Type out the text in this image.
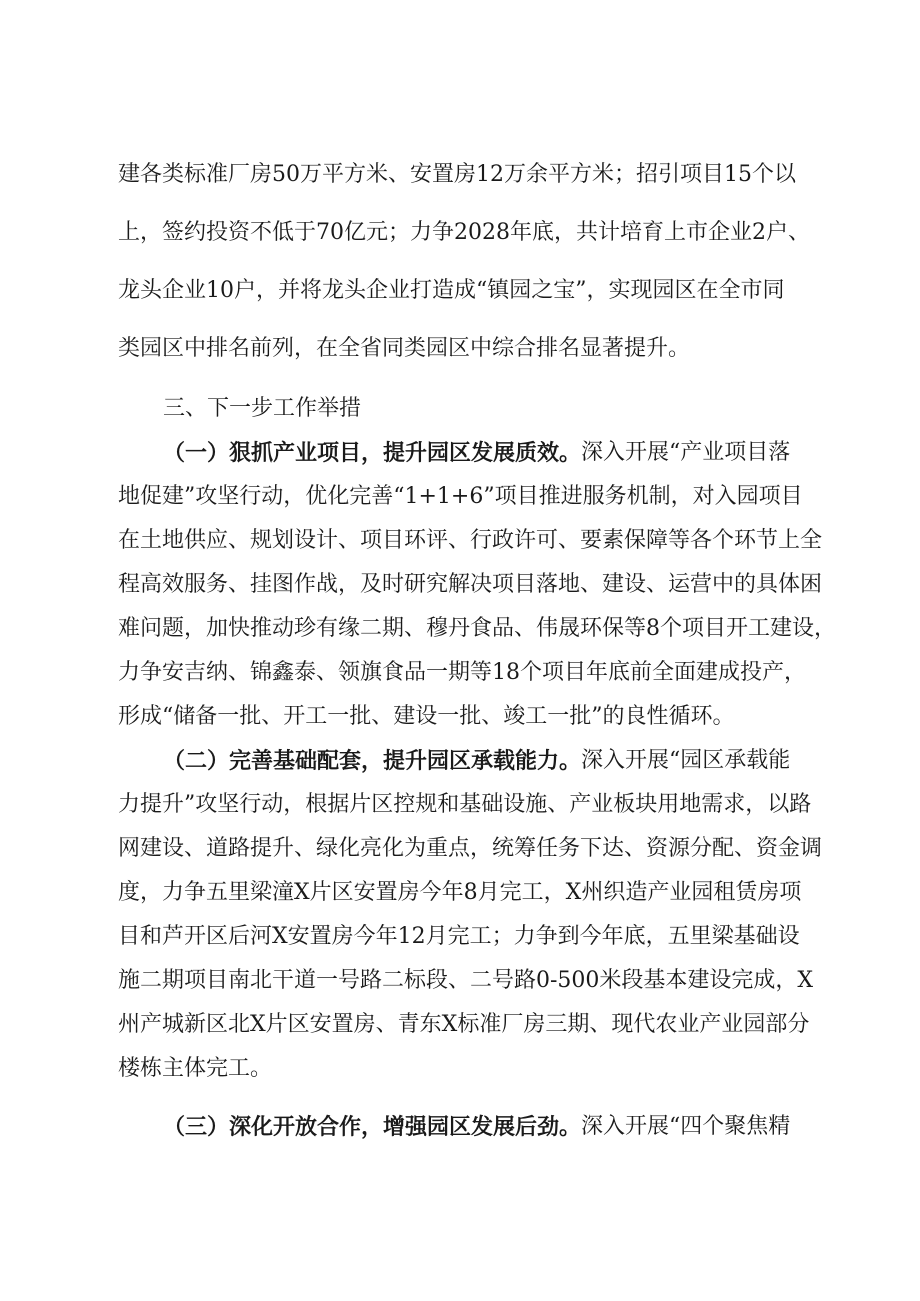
建各类标准厂房50万平方米、安置房12万余平方米；招引项目15个以
上，签约投资不低于70亿元；力争2028年底，共计培育上市企业2户、
龙头企业10户，并将龙头企业打造成“镇园之宝”，实现园区在全市同
类园区中排名前列，在全省同类园区中综合排名显著提升。
三、下一步工作举措
（一）狠抓产业项目，提升园区发展质效。 深入开展“产业项目落
地促建”攻坚行动，优化完善“1+1+6”项目推进服务机制，对入园项目
在土地供应、规划设计、项目环评、行政许可、要素保障等各个环节上全
程高效服务、挂图作战，及时研究解决项目落地、建设、运营中的具体困
难问题，加快推动珍有缘二期、穆丹食品、伟晟环保等8个项目开工建设，
力争安吉纳、锦鑫泰、领旗食品一期等18个项目年底前全面建成投产，
形成“储备一批、开工一批、建设一批、竣工一批”的良性循环。
（二）完善基础配套，提升园区承载能力。 深入开展“园区承载能
力提升”攻坚行动，根据片区控规和基础设施、产业板块用地需求，以路
网建设、道路提升、绿化亮化为重点，统筹任务下达、资源分配、资金调
度，力争五里梁潼X片区安置房今年8月完工，X州织造产业园租赁房项
目和芦开区后河X安置房今年12月完工；力争到今年底，五里梁基础设
施二期项目南北干道一号路二标段、二号路0-500米段基本建设完成，X
州产城新区北X片区安置房、青东X标准厂房三期、现代农业产业园部分
楼栋主体完工。
（三）深化开放合作，增强园区发展后劲。 深入开展“四个聚焦精
